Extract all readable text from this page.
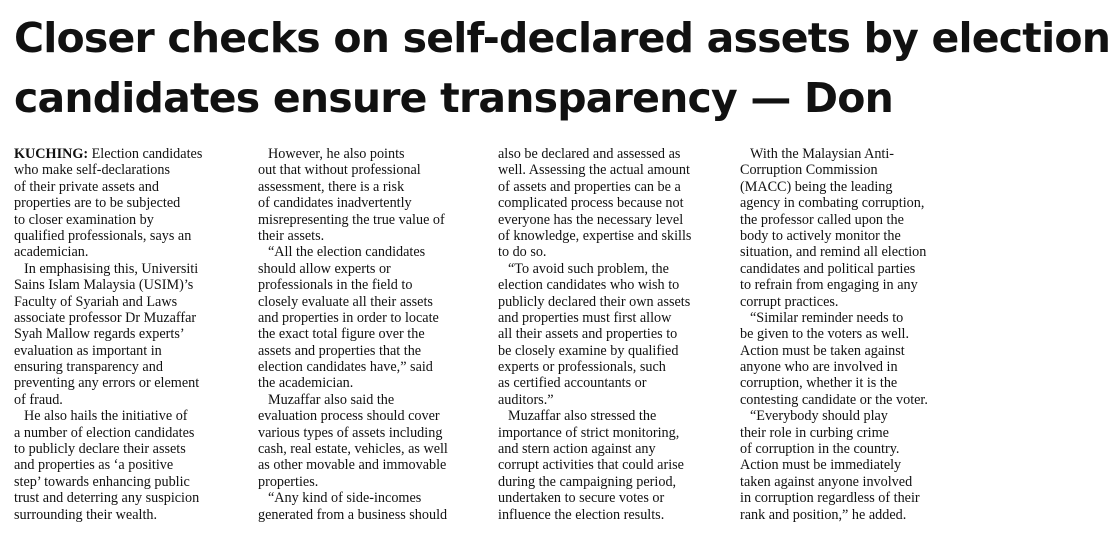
Closer checks on self-declared assets by election
candidates ensure transparency — Don
KUCHING: Election candidates
who make self-declarations
of their private assets and
properties are to be subjected
to closer examination by
qualified professionals, says an
academician.
In emphasising this, Universiti
Sains Islam Malaysia (USIM)’s
Faculty of Syariah and Laws
associate professor Dr Muzaffar
Syah Mallow regards experts’
evaluation as important in
ensuring transparency and
preventing any errors or element
of fraud.
He also hails the initiative of
a number of election candidates
to publicly declare their assets
and properties as ‘a positive
step’ towards enhancing public
trust and deterring any suspicion
surrounding their wealth.
However, he also points
out that without professional
assessment, there is a risk
of candidates inadvertently
misrepresenting the true value of
their assets.
“All the election candidates
should allow experts or
professionals in the field to
closely evaluate all their assets
and properties in order to locate
the exact total figure over the
assets and properties that the
election candidates have,” said
the academician.
Muzaffar also said the
evaluation process should cover
various types of assets including
cash, real estate, vehicles, as well
as other movable and immovable
properties.
“Any kind of side-incomes
generated from a business should
also be declared and assessed as
well. Assessing the actual amount
of assets and properties can be a
complicated process because not
everyone has the necessary level
of knowledge, expertise and skills
to do so.
“To avoid such problem, the
election candidates who wish to
publicly declared their own assets
and properties must first allow
all their assets and properties to
be closely examine by qualified
experts or professionals, such
as certified accountants or
auditors.”
Muzaffar also stressed the
importance of strict monitoring,
and stern action against any
corrupt activities that could arise
during the campaigning period,
undertaken to secure votes or
influence the election results.
With the Malaysian Anti-
Corruption Commission
(MACC) being the leading
agency in combating corruption,
the professor called upon the
body to actively monitor the
situation, and remind all election
candidates and political parties
to refrain from engaging in any
corrupt practices.
“Similar reminder needs to
be given to the voters as well.
Action must be taken against
anyone who are involved in
corruption, whether it is the
contesting candidate or the voter.
“Everybody should play
their role in curbing crime
of corruption in the country.
Action must be immediately
taken against anyone involved
in corruption regardless of their
rank and position,” he added.
